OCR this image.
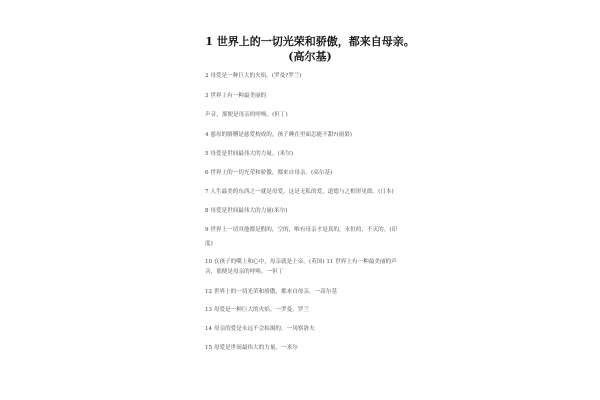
1 世界上的一切光荣和骄傲，都来自母亲。(高尔基)
2 母爱是一种巨大的火焰。(罗曼?罗兰)
3 世界上有一种最美丽的
声音，那便是母亲的呼唤。(但丁)
4 慈母的胳膊是慈爱构成的，孩子睡在里面怎能不甜?(雨果)
5 母爱是世间最伟大的力量。(米尔)
6 世界上的一切光荣和骄傲，都来自母亲。(高尔基)
7 人生最美的东西之一就是母爱，这是无私的爱，道德与之相形见绌。(日本)
8 母爱是世间最伟大的力量(米尔)
9 世界上一切其他都是假的，空的，唯有母亲才是真的，永恒的，不灭的。(印
度)
10 在孩子的嘴上和心中，母亲就是上帝。(英国) 11 世界上有一种最美丽的声
音，那便是母亲的呼唤。一但丁
12 世界上的一切光荣和骄傲，都来自母亲。一高尔基
13 母爱是一种巨大的火焰。一罗曼。罗兰
14 母亲的爱是永远不会枯竭的。一冈察洛夫
15 母爱是世间最伟大的力量。一米尔
